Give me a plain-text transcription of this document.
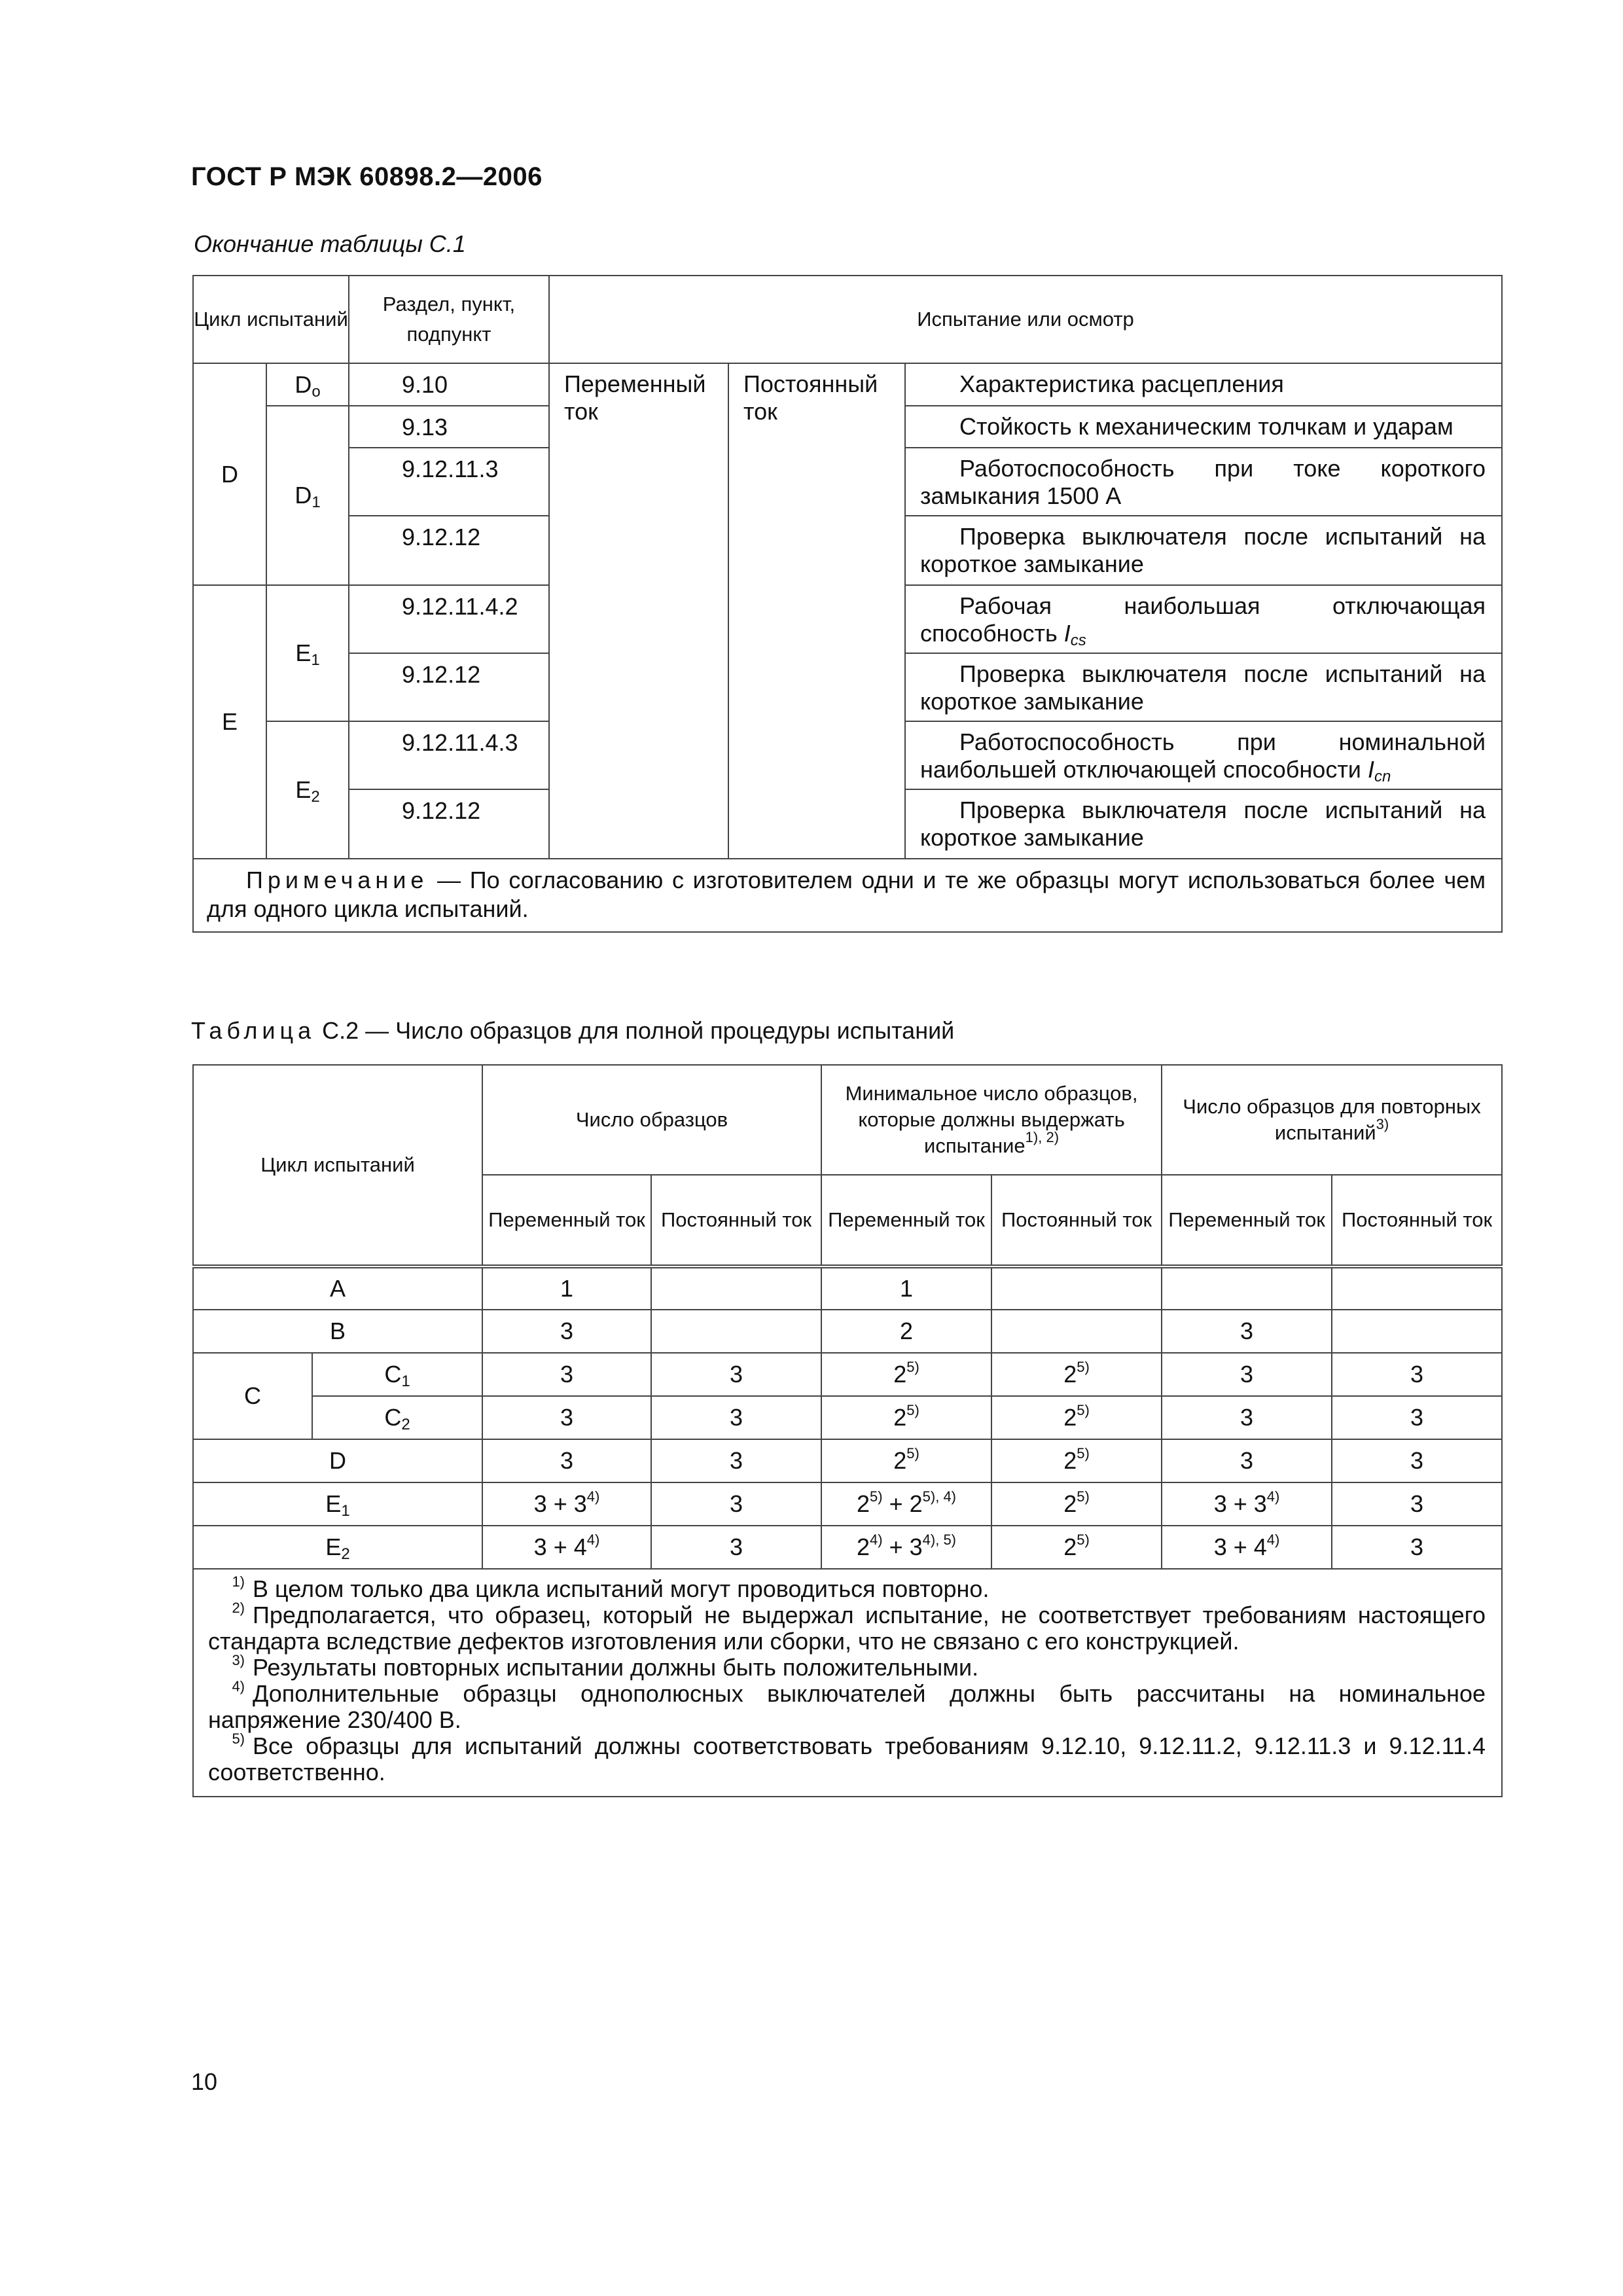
ГОСТ Р МЭК 60898.2—2006
Окончание таблицы С.1
Цикл испытаний		Раздел, пункт, подпункт	Испытание или осмотр		
D	$D_o$	9.10	Переменный ток	Постоянный ток	Характеристика расцепления
	$D_1$	9.13			Стойкость к механическим толчкам и ударам
		9.12.11.3			Работоспособность при токе короткого замыкания 1500 А
		9.12.12			Проверка выключателя после испытаний на короткое замыкание
E	$E_1$	9.12.11.4.2			Рабочая наибольшая отключающая способность $I_{cs}$
		9.12.12			Проверка выключателя после испытаний на короткое замыкание
	$E_2$	9.12.11.4.3			Работоспособность при номинальной наибольшей отключающей способности $I_{cn}$
		9.12.12			Проверка выключателя после испытаний на короткое замыкание
Примечание — По согласованию с изготовителем одни и те же образцы могут использоваться более чем для одного цикла испытаний.					
Таблица С.2 — Число образцов для полной процедуры испытаний
Цикл испытаний		Число образцов		Минимальное число образцов, которые должны выдержать испытание$^{1), 2)}$		Число образцов для повторных испытаний$^{3)}$
		Переменный ток	Постоянный ток	Переменный ток	Постоянный ток	Переменный ток	Постоянный ток
A		1		1			
B		3		2		3	
C	$C_1$	3	3	2$^{5)}$	2$^{5)}$	3	3
	$C_2$	3	3	2$^{5)}$	2$^{5)}$	3	3
D		3	3	2$^{5)}$	2$^{5)}$	3	3
$E_1$		$3 + 3^{4)}$	3	$2^{5)} + 2^{5), 4)}$	2$^{5)}$	$3 + 3^{4)}$	3
$E_2$		$3 + 4^{4)}$	3	$2^{4)} + 3^{4), 5)}$	2$^{5)}$	$3 + 4^{4)}$	3

$^{1)}$ В целом только два цикла испытаний могут проводиться повторно.

$^{2)}$ Предполагается, что образец, который не выдержал испытание, не соответствует требованиям настоящего стандарта вследствие дефектов изготовления или сборки, что не связано с его конструкцией.

$^{3)}$ Результаты повторных испытании должны быть положительными.

$^{4)}$ Дополнительные образцы однополюсных выключателей должны быть рассчитаны на номинальное напряжение 230/400 В.

$^{5)}$ Все образцы для испытаний должны соответствовать требованиям 9.12.10, 9.12.11.2, 9.12.11.3 и 9.12.11.4 соответственно.							

10
